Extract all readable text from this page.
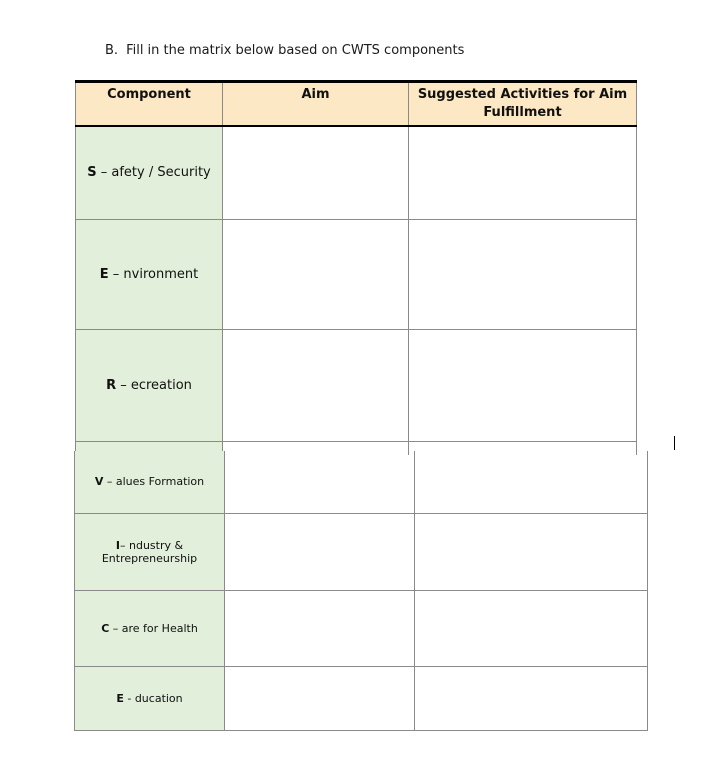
B. Fill in the matrix below based on CWTS components
Component	Aim	Suggested Activities for Aim Fulfillment
S – afety / Security		
E – nvironment		
R – ecreation		

V – alues Formation		
I– ndustry & Entrepreneurship		
C – are for Health		
E - ducation		
